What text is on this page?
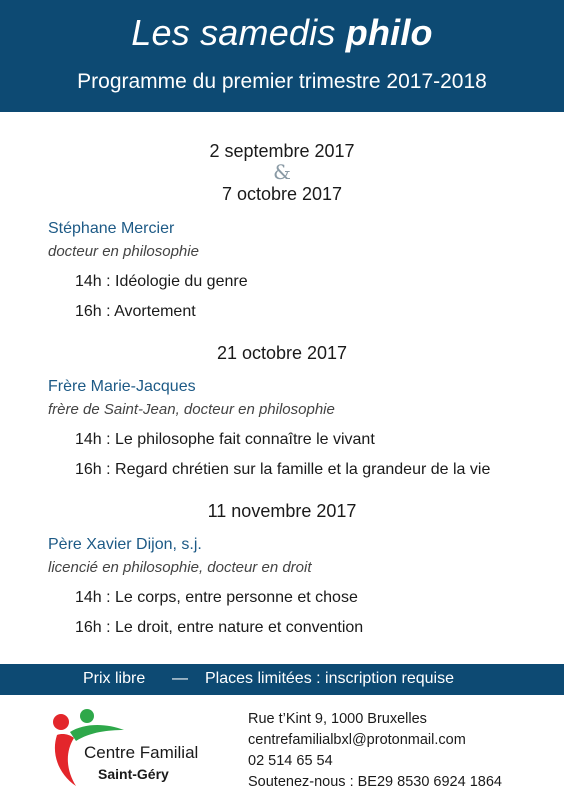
Les samedis philo
Programme du premier trimestre 2017-2018
2 septembre 2017
&
7 octobre 2017
Stéphane Mercier
docteur en philosophie
14h : Idéologie du genre
16h : Avortement
21 octobre 2017
Frère Marie-Jacques
frère de Saint-Jean, docteur en philosophie
14h : Le philosophe fait connaître le vivant
16h : Regard chrétien sur la famille et la grandeur de la vie
11 novembre 2017
Père Xavier Dijon, s.j.
licencié en philosophie, docteur en droit
14h : Le corps, entre personne et chose
16h : Le droit, entre nature et convention
Prix libre — Places limitées : inscription requise
Centre Familial
Saint-Géry
Rue t’Kint 9, 1000 Bruxelles
centrefamilialbxl@protonmail.com
02 514 65 54
Soutenez-nous : BE29 8530 6924 1864
